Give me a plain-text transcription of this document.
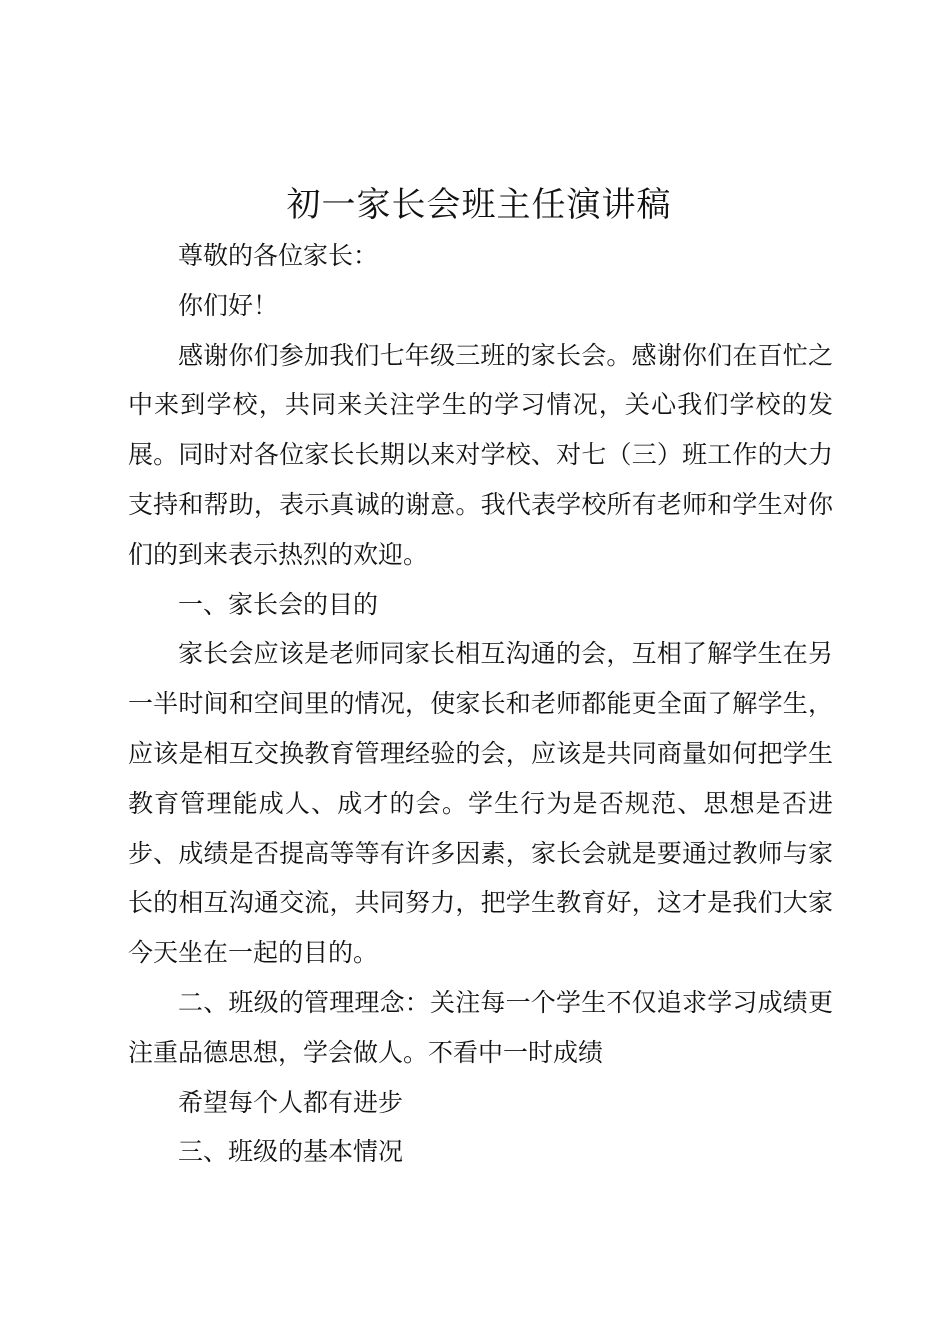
初一家长会班主任演讲稿

尊敬的各位家长：

你们好！

感谢你们参加我们七年级三班的家长会。感谢你们在百忙之中来到学校，共同来关注学生的学习情况，关心我们学校的发展。同时对各位家长长期以来对学校、对七（三）班工作的大力支持和帮助，表示真诚的谢意。我代表学校所有老师和学生对你们的到来表示热烈的欢迎。

一、家长会的目的

家长会应该是老师同家长相互沟通的会，互相了解学生在另一半时间和空间里的情况，使家长和老师都能更全面了解学生，应该是相互交换教育管理经验的会，应该是共同商量如何把学生教育管理能成人、成才的会。学生行为是否规范、思想是否进步、成绩是否提高等等有许多因素，家长会就是要通过教师与家长的相互沟通交流，共同努力，把学生教育好，这才是我们大家今天坐在一起的目的。

二、班级的管理理念：关注每一个学生不仅追求学习成绩更注重品德思想，学会做人。不看中一时成绩

希望每个人都有进步

三、班级的基本情况
